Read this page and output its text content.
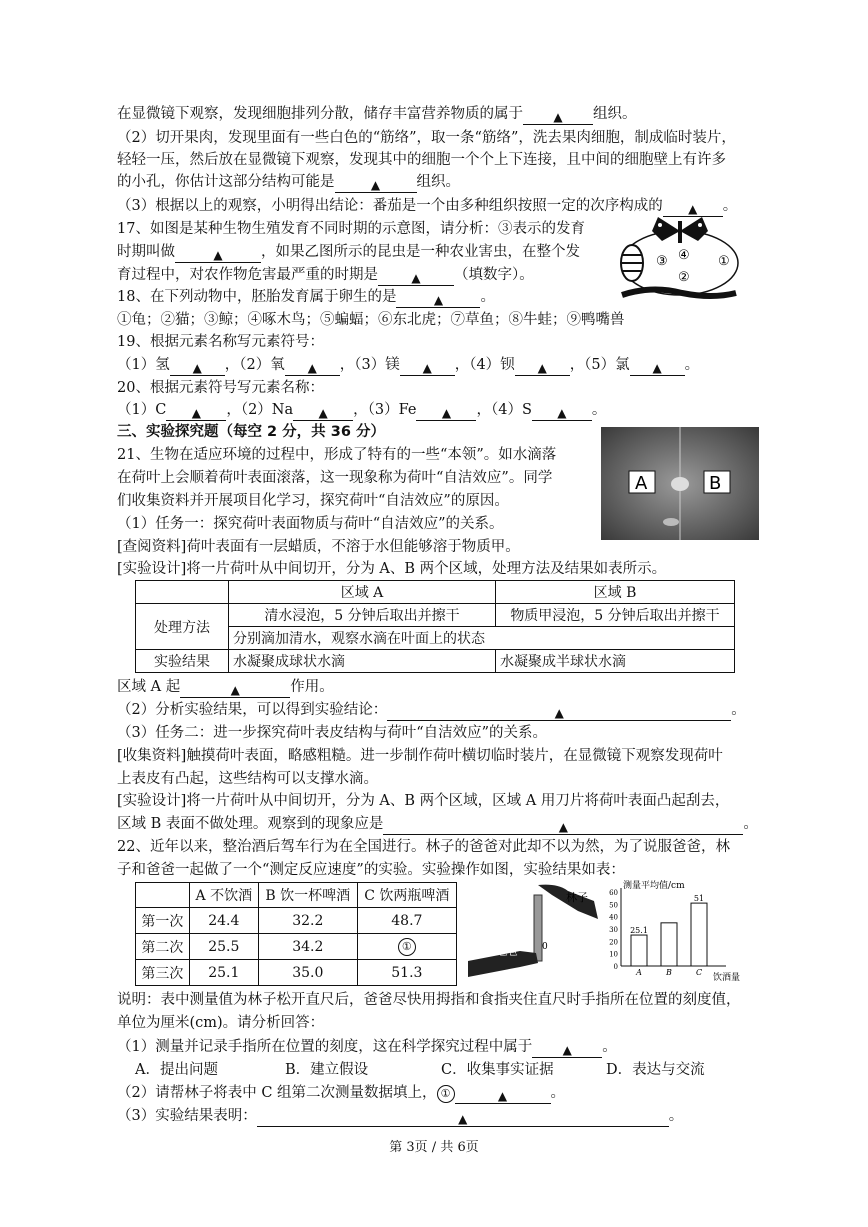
在显微镜下观察，发现细胞排列分散，储存丰富营养物质的属于	▲ 组织。
（2）切开果肉，发现里面有一些白色的“筋络”，取一条“筋络”，洗去果肉细胞，制成临时装片，
轻轻一压，然后放在显微镜下观察，发现其中的细胞一个个上下连接，且中间的细胞壁上有许多
的小孔，你估计这部分结构可能是	▲	组织。
（3）根据以上的观察，小明得出结论：番茄是一个由多种组织按照一定的次序构成的 ▲ 。
17、如图是某种生物生殖发育不同时期的示意图，请分析：③表示的发育
时期叫做	▲	，如果乙图所示的昆虫是一种农业害虫，在整个发
育过程中，对农作物危害最严重的时期是	▲ （填数字）。
③ ④ ①
②
18、在下列动物中，胚胎发育属于卵生的是	▲	。
①龟；②猫；③鲸；④啄木鸟；⑤蝙蝠；⑥东北虎；⑦草鱼；⑧牛蛙；⑨鸭嘴兽
19、根据元素名称写元素符号：
（1）氢 ▲ ，（2）氧 ▲ ，（3）镁 ▲ ，（4）钡 ▲ ，（5）氯 ▲ 。
20、根据元素符号写元素名称：
（1）C ▲ ，（2）Na ▲ ，（3）Fe ▲ ，（4）S ▲ 。
三、实验探究题（每空 2 分，共 36 分）
21、生物在适应环境的过程中，形成了特有的一些“本领”。如水滴落
在荷叶上会顺着荷叶表面滚落，这一现象称为荷叶“自洁效应”。同学
们收集资料并开展项目化学习，探究荷叶“自洁效应”的原因。
A	B
（1）任务一：探究荷叶表面物质与荷叶“自洁效应”的关系。
[查阅资料]荷叶表面有一层蜡质，不溶于水但能够溶于物质甲。
[实验设计]将一片荷叶从中间切开，分为 A、B 两个区域，处理方法及结果如表所示。
	区域 A	区域 B
处理方法	清水浸泡，5 分钟后取出并擦干	物质甲浸泡，5 分钟后取出并擦干
	分别滴加清水，观察水滴在叶面上的状态	
实验结果	水凝聚成球状水滴	水凝聚成半球状水滴
区域 A 起	▲	作用。
（2）分析实验结果，可以得到实验结论：	▲	。
（3）任务二：进一步探究荷叶表皮结构与荷叶“自洁效应”的关系。
[收集资料]触摸荷叶表面，略感粗糙。进一步制作荷叶横切临时装片，在显微镜下观察发现荷叶
上表皮有凸起，这些结构可以支撑水滴。
[实验设计]将一片荷叶从中间切开，分为 A、B 两个区域，区域 A 用刀片将荷叶表面凸起刮去，
区域 B 表面不做处理。观察到的现象应是	▲	。
22、近年以来，整治酒后驾车行为在全国进行。林子的爸爸对此却不以为然，为了说服爸爸，林
子和爸爸一起做了一个“测定反应速度”的实验。实验操作如图，实验结果如表：
	A 不饮酒	B 饮一杯啤酒	C 饮两瓶啤酒
第一次	24.4	32.2	48.7
第二次	25.5	34.2	①
第三次	25.1	35.0	51.3
林子
爸爸	0
测量平均值/cm
饮酒量
0
10
20
30
40
50
60
A
25.1
B	C
51
说明：表中测量值为林子松开直尺后，爸爸尽快用拇指和食指夹住直尺时手指所在位置的刻度值，
单位为厘米(cm)。请分析回答：
（1）测量并记录手指所在位置的刻度，这在科学探究过程中属于	▲ 。
A．提出问题	B．建立假设	C．收集事实证据	D．表达与交流
（2）请帮林子将表中 C 组第二次测量数据填上， ①	▲	。
（3）实验结果表明：	▲	。
第 3页 / 共 6页
